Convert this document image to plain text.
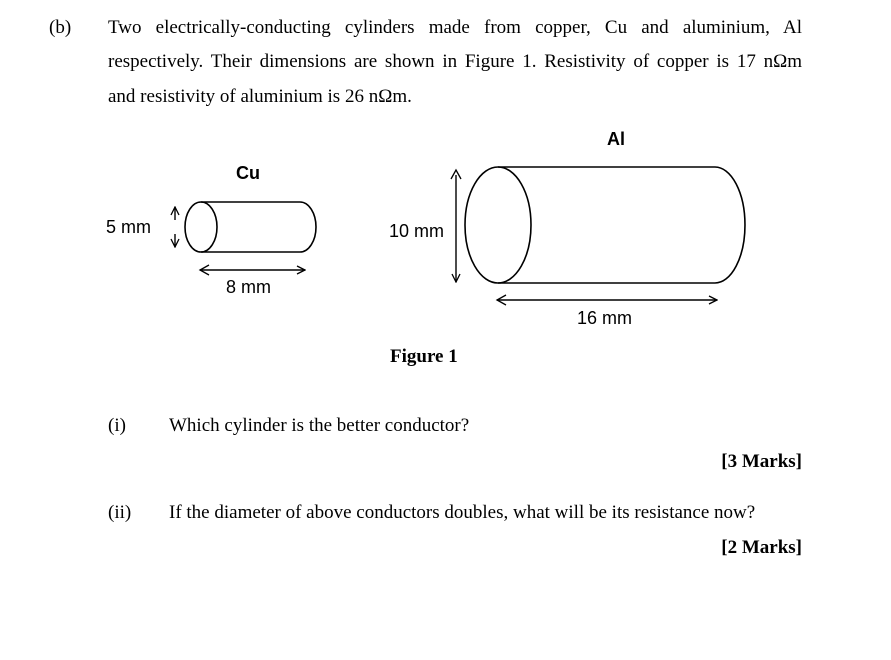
(b) Two electrically-conducting cylinders made from copper, Cu and aluminium, Al
respectively. Their dimensions are shown in Figure 1. Resistivity of copper is 17 nΩm
and resistivity of aluminium is 26 nΩm.
Cu
5 mm
8 mm
Al
10 mm
16 mm
Figure 1
(i) Which cylinder is the better conductor?
[3 Marks]
(ii) If the diameter of above conductors doubles, what will be its resistance now?
[2 Marks]
